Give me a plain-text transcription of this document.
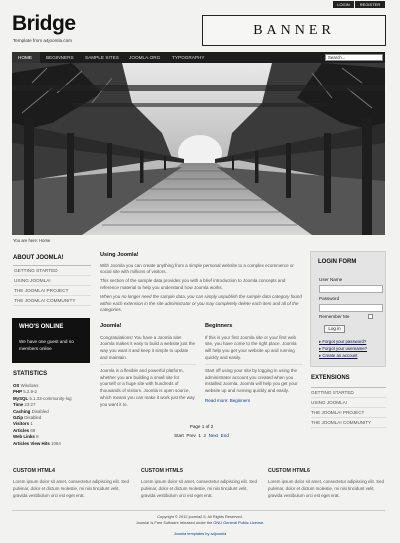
LOGIN	REGISTER
Bridge
Template from a4joomla.com
BANNER
HOME	BEGINNERS SAMPLE SITES JOOMLA.ORG TYPOGRAPHY	Search...
You are here: Home
ABOUT JOOMLA!
GETTING STARTED
USING JOOMLA!
THE JOOMLA! PROJECT
THE JOOMLA! COMMUNITY
WHO'S ONLINE
We have one guest and no members online
STATISTICS
OS Windows
PHP 5.2.9-2
MySQL 5.1.33-community-log
Time 23:27
Caching Disabled
GZip Disabled
Visitors 1
Articles 69
Web Links 8
Articles View Hits 1064
Using Joomla!

With Joomla you can create anything from a simple personal website to a complex ecommerce or social site with millions of visitors.

This section of the sample data provides you with a brief introduction to Joomla concepts and reference material to help you understand how Joomla works.

When you no longer need the sample data, you can simply unpublish the sample data category found within each extension in the site administrator or you may completely delete each item and all of the categories.

Joomla!

Congratulations! You have a Joomla site! Joomla makes it easy to build a website just the way you want it and keep it simple to update and maintain.

Joomla is a flexible and powerful platform, whether you are building a small site for yourself or a huge site with hundreds of thousands of visitors. Joomla is open source, which means you can make it work just the way you want it to.

Beginners

If this is your first Joomla site or your first web site, you have come to the right place. Joomla will help you get your website up and running quickly and easily.

Start off using your site by logging in using the administrator account you created when you installed Joomla. Joomla will help you get your website up and running quickly and easily.

Read more: Beginners

Page 1 of 2
Start Prev 1 2 Next End
LOGIN FORM
User Name
Password
Remember Me
Log in
▸ Forgot your password?
▸ Forgot your username?
▸ Create an account
EXTENSIONS
GETTING STARTED
USING JOOMLA!
THE JOOMLA! PROJECT
THE JOOMLA! COMMUNITY
CUSTOM HTML4

Lorem ipsum dolor sit amet, consectetur adipiscing elit. Sed pulvinar, dolor et dictum molestie, mi nisi tincidunt velit, gravida vestibulum orci est eget erat.

CUSTOM HTML5

Lorem ipsum dolor sit amet, consectetur adipiscing elit. Sed pulvinar, dolor et dictum molestie, mi nisi tincidunt velit, gravida vestibulum orci est eget erat.

CUSTOM HTML6

Lorem ipsum dolor sit amet, consectetur adipiscing elit. Sed pulvinar, dolor et dictum molestie, mi nisi tincidunt velit, gravida vestibulum orci est eget erat.

Copyright © 2012 joomla2.5. All Rights Reserved.
Joomla! is Free Software released under the GNU General Public License.
Joomla templates by a4joomla
